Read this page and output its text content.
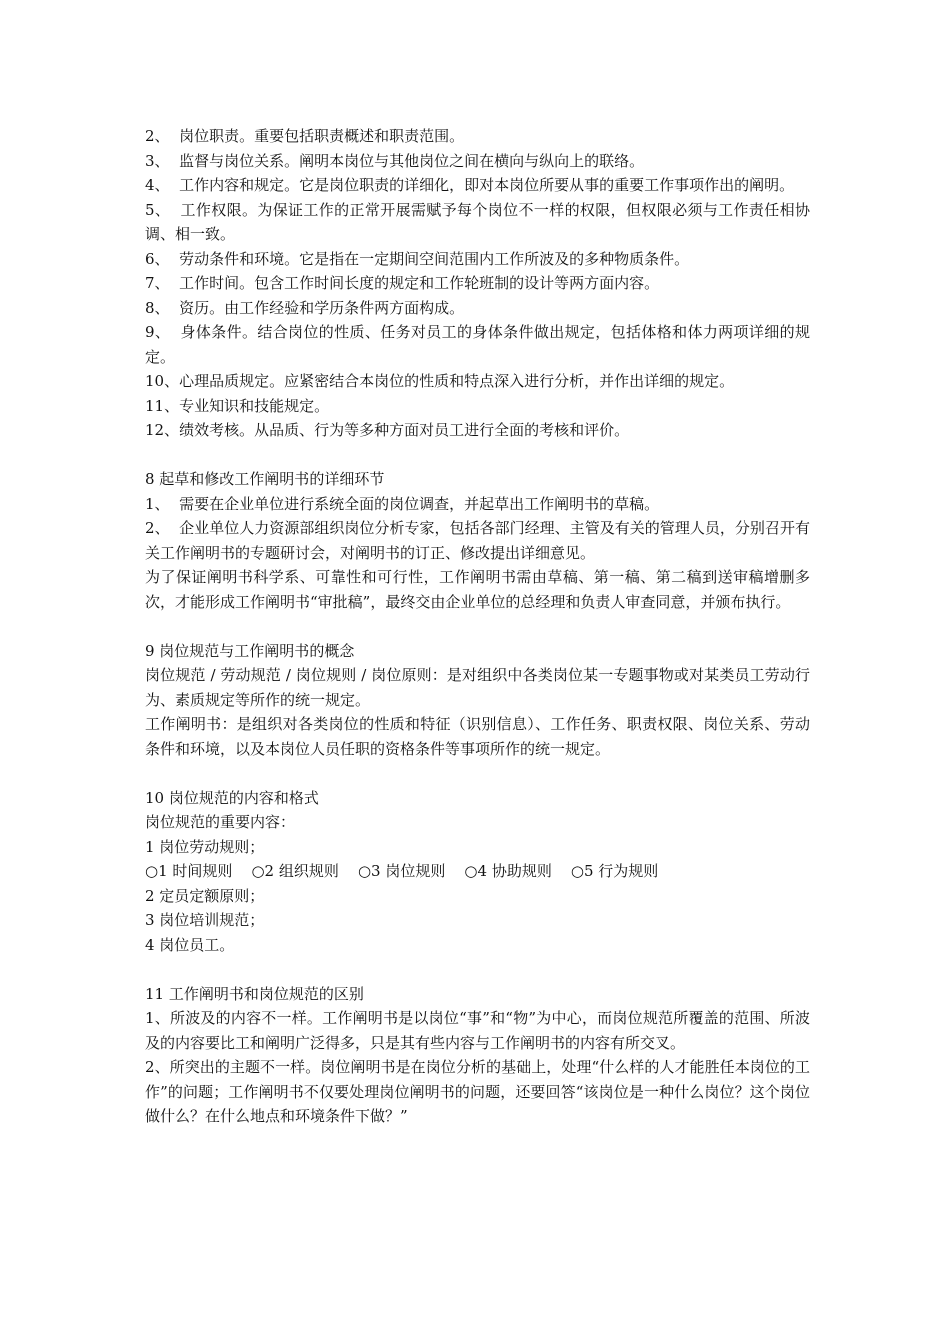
2、  岗位职责。重要包括职责概述和职责范围。
3、  监督与岗位关系。阐明本岗位与其他岗位之间在横向与纵向上的联络。
4、  工作内容和规定。它是岗位职责的详细化，即对本岗位所要从事的重要工作事项作出的阐明。
5、  工作权限。为保证工作的正常开展需赋予每个岗位不一样的权限，但权限必须与工作责任相协调、相一致。
6、  劳动条件和环境。它是指在一定期间空间范围内工作所波及的多种物质条件。
7、  工作时间。包含工作时间长度的规定和工作轮班制的设计等两方面内容。
8、  资历。由工作经验和学历条件两方面构成。
9、  身体条件。结合岗位的性质、任务对员工的身体条件做出规定，包括体格和体力两项详细的规定。
10、心理品质规定。应紧密结合本岗位的性质和特点深入进行分析，并作出详细的规定。
11、专业知识和技能规定。
12、绩效考核。从品质、行为等多种方面对员工进行全面的考核和评价。
8 起草和修改工作阐明书的详细环节
1、  需要在企业单位进行系统全面的岗位调查，并起草出工作阐明书的草稿。
2、  企业单位人力资源部组织岗位分析专家，包括各部门经理、主管及有关的管理人员，分别召开有关工作阐明书的专题研讨会，对阐明书的订正、修改提出详细意见。
为了保证阐明书科学系、可靠性和可行性，工作阐明书需由草稿、第一稿、第二稿到送审稿增删多次，才能形成工作阐明书“审批稿”，最终交由企业单位的总经理和负责人审查同意，并颁布执行。
9 岗位规范与工作阐明书的概念
岗位规范 / 劳动规范 / 岗位规则 / 岗位原则：是对组织中各类岗位某一专题事物或对某类员工劳动行为、素质规定等所作的统一规定。
工作阐明书：是组织对各类岗位的性质和特征（识别信息）、工作任务、职责权限、岗位关系、劳动条件和环境，以及本岗位人员任职的资格条件等事项所作的统一规定。
10 岗位规范的内容和格式
岗位规范的重要内容：
1 岗位劳动规则；
○1 时间规则    ○2 组织规则    ○3 岗位规则    ○4 协助规则    ○5 行为规则
2 定员定额原则；
3 岗位培训规范；
4 岗位员工。
11 工作阐明书和岗位规范的区别
1、所波及的内容不一样。工作阐明书是以岗位“事”和“物”为中心，而岗位规范所覆盖的范围、所波及的内容要比工和阐明广泛得多，只是其有些内容与工作阐明书的内容有所交叉。
2、所突出的主题不一样。岗位阐明书是在岗位分析的基础上，处理“什么样的人才能胜任本岗位的工作”的问题；工作阐明书不仅要处理岗位阐明书的问题，还要回答“该岗位是一种什么岗位？这个岗位做什么？在什么地点和环境条件下做？”
